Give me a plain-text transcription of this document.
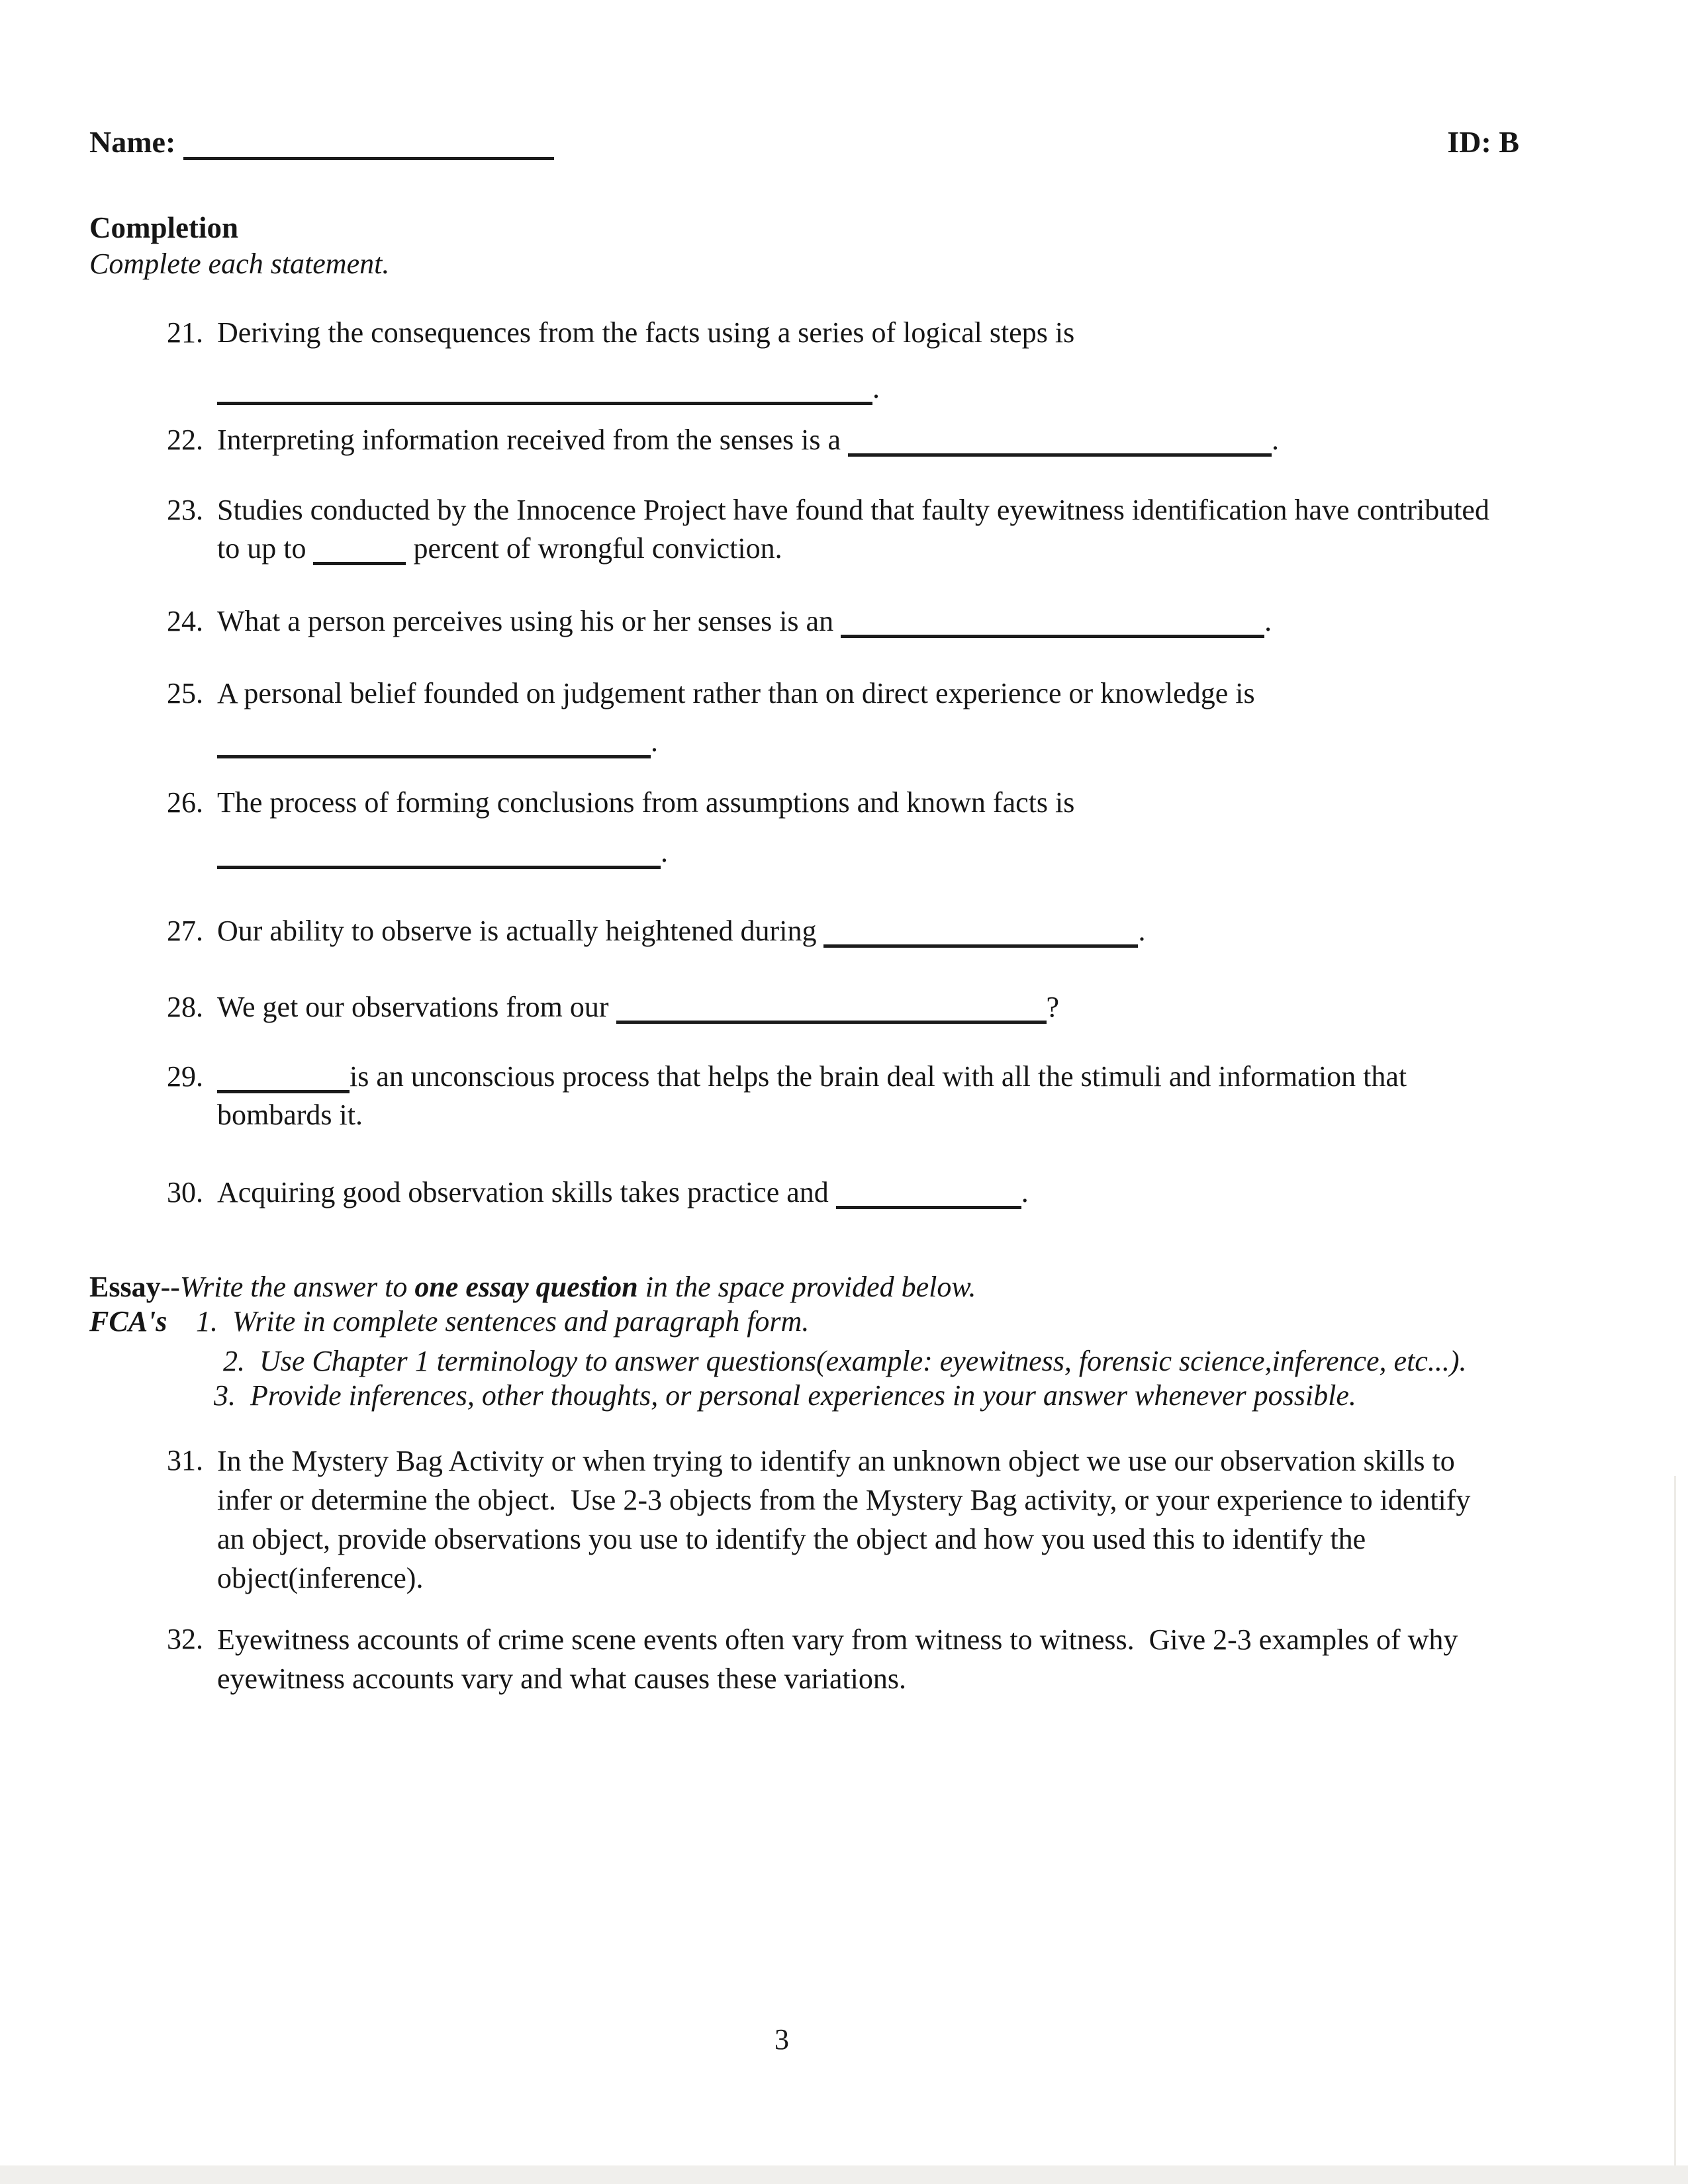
Name:	ID: B
Completion
Complete each statement.
21. Deriving the consequences from the facts using a series of logical steps is
.
22. Interpreting information received from the senses is a	.
23. Studies conducted by the Innocence Project have found that faulty eyewitness identification have contributed
to up to	percent of wrongful conviction.
24. What a person perceives using his or her senses is an	.
25. A personal belief founded on judgement rather than on direct experience or knowledge is
.
26. The process of forming conclusions from assumptions and known facts is
.
27. Our ability to observe is actually heightened during	.
28. We get our observations from our	?
29.	is an unconscious process that helps the brain deal with all the stimuli and information that
bombards it.
30. Acquiring good observation skills takes practice and	.
Essay--Write the answer to one essay question in the space provided below.
FCA's 1.  Write in complete sentences and paragraph form.
2.  Use Chapter 1 terminology to answer questions(example: eyewitness, forensic science,inference, etc...).
3.  Provide inferences, other thoughts, or personal experiences in your answer whenever possible.
31. In the Mystery Bag Activity or when trying to identify an unknown object we use our observation skills to
infer or determine the object.  Use 2-3 objects from the Mystery Bag activity, or your experience to identify
an object, provide observations you use to identify the object and how you used this to identify the
object(inference).
32. Eyewitness accounts of crime scene events often vary from witness to witness.  Give 2-3 examples of why
eyewitness accounts vary and what causes these variations.
3
